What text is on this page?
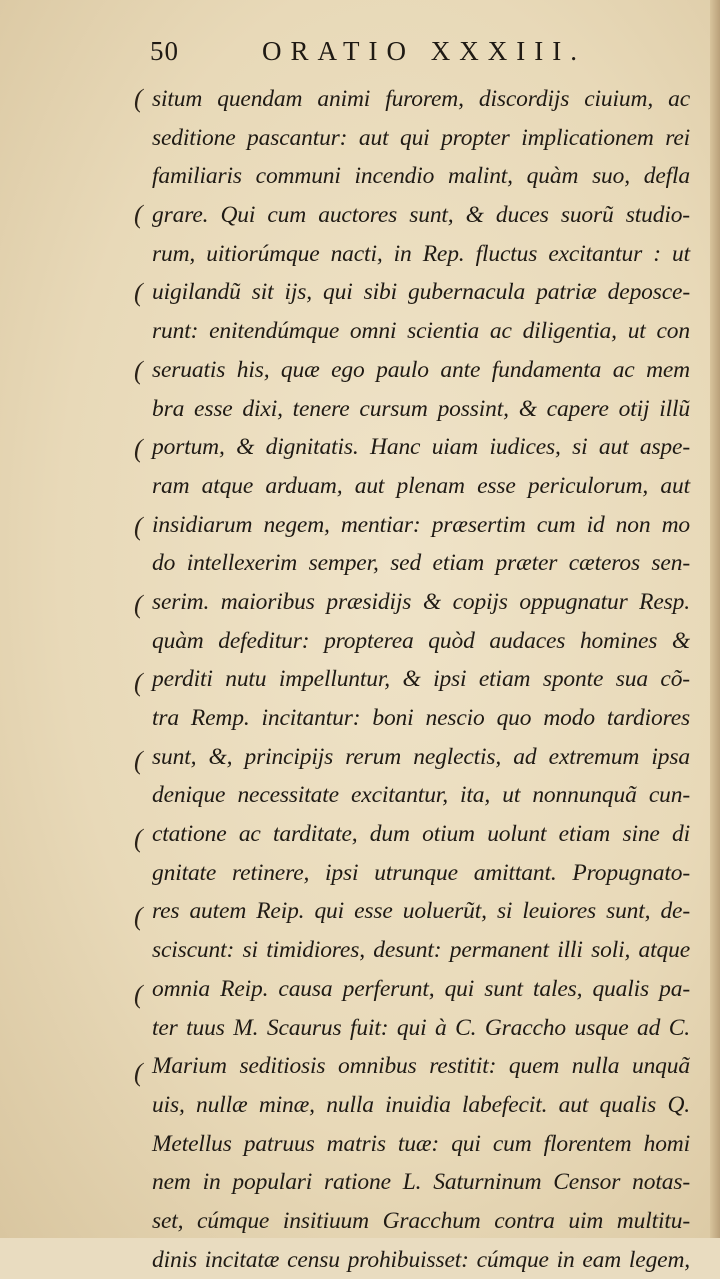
50	ORATIO XXXIII.
(
(
(
(
(
(
(
(
(
(
(
(
(
situm quendam animi furorem, discordijs ciuium, ac
seditione pascantur: aut qui propter implicationem rei
familiaris communi incendio malint, quàm suo, defla
grare. Qui cum auctores sunt, & duces suorũ studio-
rum, uitiorúmque nacti, in Rep. fluctus excitantur : ut
uigilandũ sit ijs, qui sibi gubernacula patriæ deposce-
runt: enitendúmque omni scientia ac diligentia, ut con
seruatis his, quæ ego paulo ante fundamenta ac mem
bra esse dixi, tenere cursum possint, & capere otij illũ
portum, & dignitatis. Hanc uiam iudices, si aut aspe-
ram atque arduam, aut plenam esse periculorum, aut
insidiarum negem, mentiar: præsertim cum id non mo
do intellexerim semper, sed etiam præter cæteros sen-
serim. maioribus præsidijs & copijs oppugnatur Resp.
quàm defeditur: propterea quòd audaces homines &
perditi nutu impelluntur, & ipsi etiam sponte sua cõ-
tra Remp. incitantur: boni nescio quo modo tardiores
sunt, &, principijs rerum neglectis, ad extremum ipsa
denique necessitate excitantur, ita, ut nonnunquã cun-
ctatione ac tarditate, dum otium uolunt etiam sine di
gnitate retinere, ipsi utrunque amittant. Propugnato-
res autem Reip. qui esse uoluerũt, si leuiores sunt, de-
sciscunt: si timidiores, desunt: permanent illi soli, atque
omnia Reip. causa perferunt, qui sunt tales, qualis pa-
ter tuus M. Scaurus fuit: qui à C. Graccho usque ad C.
Marium seditiosis omnibus restitit: quem nulla unquã
uis, nullæ minæ, nulla inuidia labefecit. aut qualis Q.
Metellus patruus matris tuæ: qui cum florentem homi
nem in populari ratione L. Saturninum Censor notas-
set, cúmque insitiuum Gracchum contra uim multitu-
dinis incitatæ censu prohibuisset: cúmque in eam legem,
